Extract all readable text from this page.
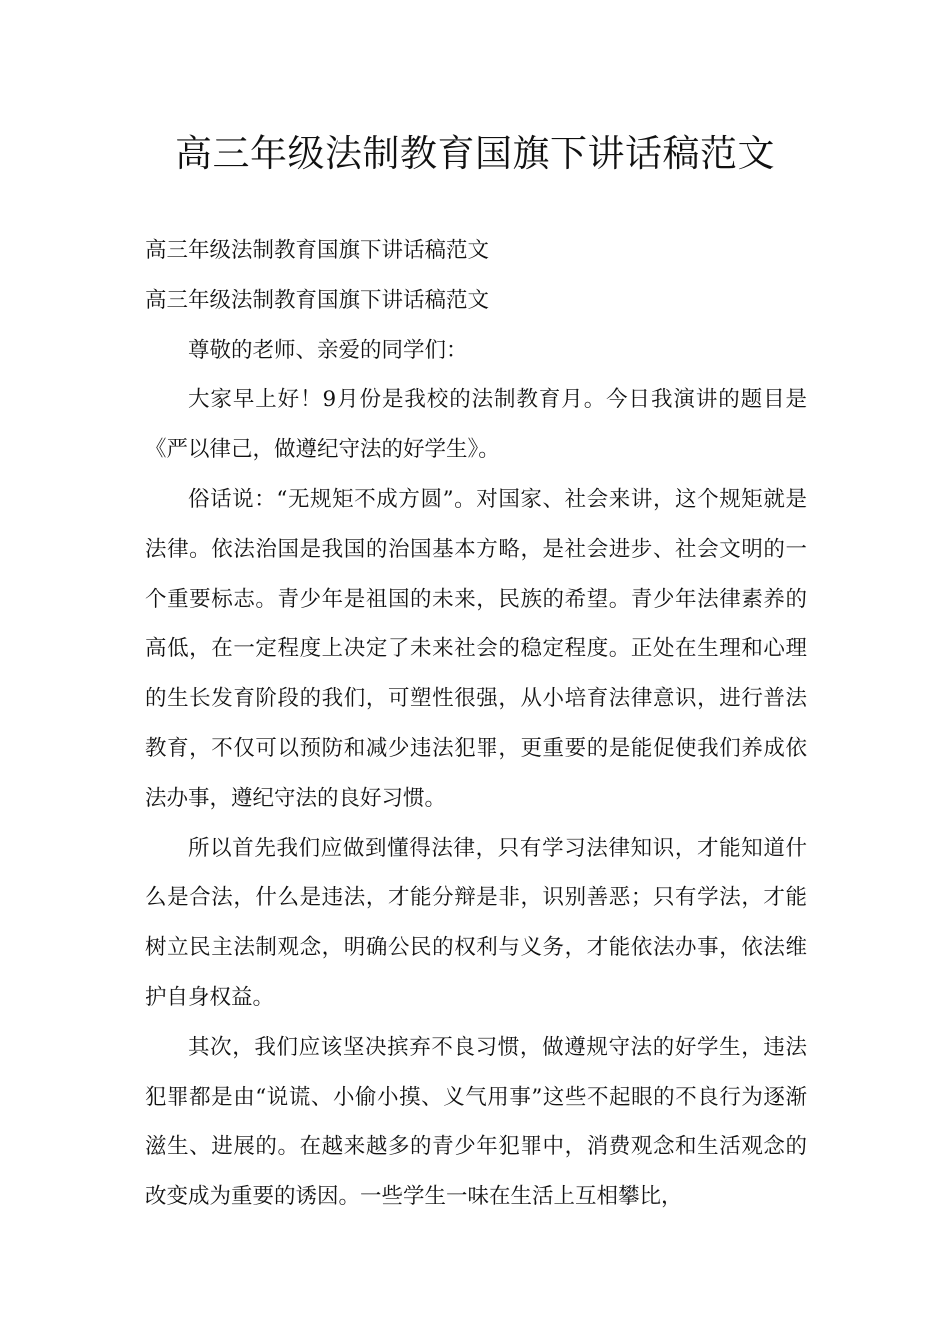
高三年级法制教育国旗下讲话稿范文

高三年级法制教育国旗下讲话稿范文

高三年级法制教育国旗下讲话稿范文

尊敬的老师、亲爱的同学们：

大家早上好！9月份是我校的法制教育月。今日我演讲的题目是《严以律己，做遵纪守法的好学生》。

俗话说：“无规矩不成方圆”。对国家、社会来讲，这个规矩就是法律。依法治国是我国的治国基本方略，是社会进步、社会文明的一个重要标志。青少年是祖国的未来，民族的希望。青少年法律素养的高低，在一定程度上决定了未来社会的稳定程度。正处在生理和心理的生长发育阶段的我们，可塑性很强，从小培育法律意识，进行普法教育，不仅可以预防和减少违法犯罪，更重要的是能促使我们养成依法办事，遵纪守法的良好习惯。

所以首先我们应做到懂得法律，只有学习法律知识，才能知道什么是合法，什么是违法，才能分辩是非，识别善恶；只有学法，才能树立民主法制观念，明确公民的权利与义务，才能依法办事，依法维护自身权益。

其次，我们应该坚决摈弃不良习惯，做遵规守法的好学生，违法犯罪都是由“说谎、小偷小摸、义气用事”这些不起眼的不良行为逐渐滋生、进展的。在越来越多的青少年犯罪中，消费观念和生活观念的改变成为重要的诱因。一些学生一味在生活上互相攀比，
